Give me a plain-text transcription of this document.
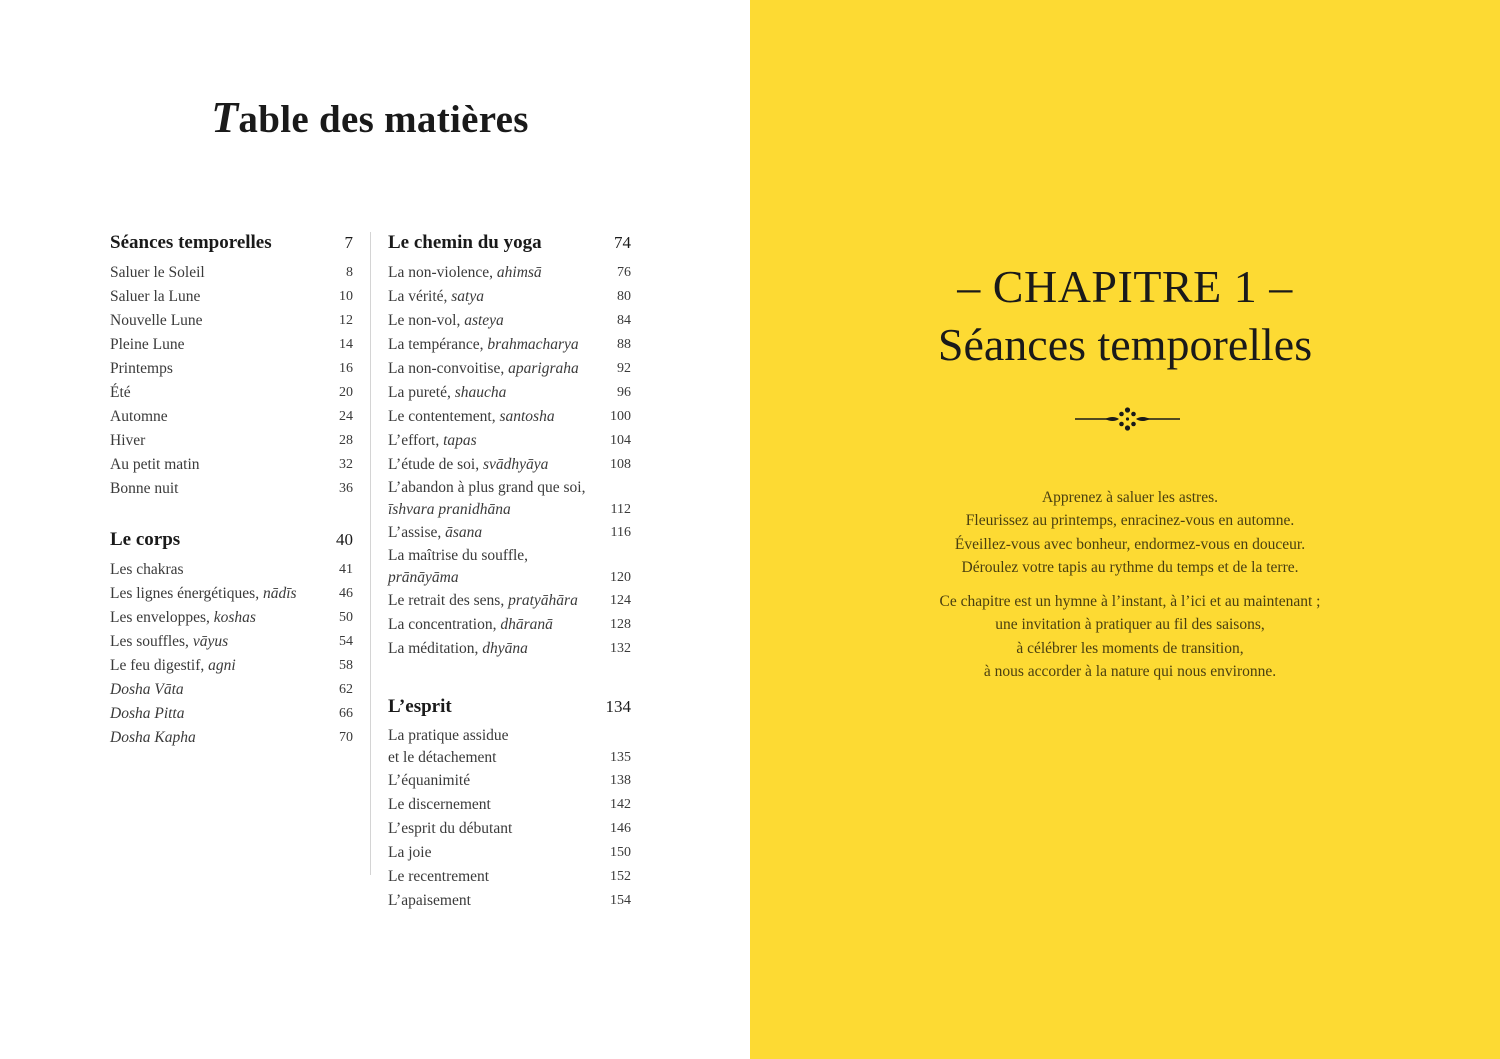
Table des matières
Séances temporelles	7
Saluer le Soleil	8
Saluer la Lune	10
Nouvelle Lune	12
Pleine Lune	14
Printemps	16
Été	20
Automne	24
Hiver	28
Au petit matin	32
Bonne nuit	36
Le corps	40
Les chakras	41
Les lignes énergétiques, nādīs	46
Les enveloppes, koshas	50
Les souffles, vāyus	54
Le feu digestif, agni	58
Dosha Vāta	62
Dosha Pitta	66
Dosha Kapha	70
Le chemin du yoga	74
La non-violence, ahimsā	76
La vérité, satya	80
Le non-vol, asteya	84
La tempérance, brahmacharya	88
La non-convoitise, aparigraha	92
La pureté, shaucha	96
Le contentement, santosha	100
L’effort, tapas	104
L’étude de soi, svādhyāya	108
L’abandon à plus grand que soi,
īshvara pranidhāna	112
L’assise, āsana	116
La maîtrise du souffle,
prānāyāma	120
Le retrait des sens, pratyāhāra 124
La concentration, dhāranā	128
La méditation, dhyāna	132
L’esprit	134
La pratique assidue
et le détachement	135
L’équanimité	138
Le discernement	142
L’esprit du débutant	146
La joie	150
Le recentrement	152
L’apaisement	154
– CHAPITRE 1 –
Séances temporelles

Apprenez à saluer les astres.
Fleurissez au printemps, enracinez-vous en automne.
Éveillez-vous avec bonheur, endormez-vous en douceur.
Déroulez votre tapis au rythme du temps et de la terre.

Ce chapitre est un hymne à l’instant, à l’ici et au maintenant ;
une invitation à pratiquer au fil des saisons,
à célébrer les moments de transition,
à nous accorder à la nature qui nous environne.
